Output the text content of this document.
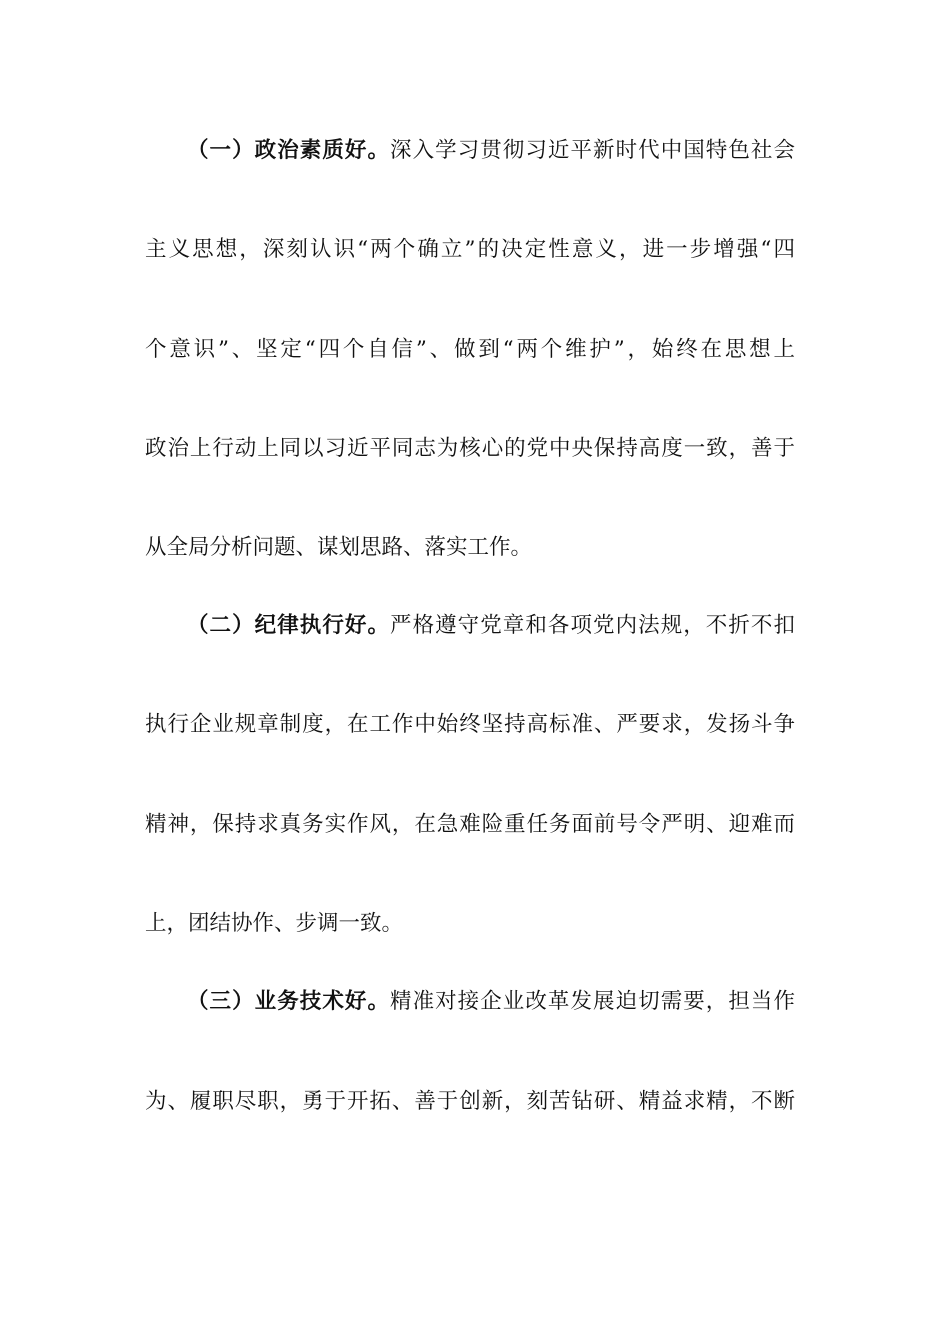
（一）政治素质好。深入学习贯彻习近平新时代中国特色社会
主义思想，深刻认识“两个确立”的决定性意义，进一步增强“四
个意识”、坚定“四个自信”、做到“两个维护”，始终在思想上
政治上行动上同以习近平同志为核心的党中央保持高度一致，善于
从全局分析问题、谋划思路、落实工作。
（二）纪律执行好。严格遵守党章和各项党内法规，不折不扣
执行企业规章制度，在工作中始终坚持高标准、严要求，发扬斗争
精神，保持求真务实作风，在急难险重任务面前号令严明、迎难而
上，团结协作、步调一致。
（三）业务技术好。精准对接企业改革发展迫切需要，担当作
为、履职尽职，勇于开拓、善于创新，刻苦钻研、精益求精，不断
